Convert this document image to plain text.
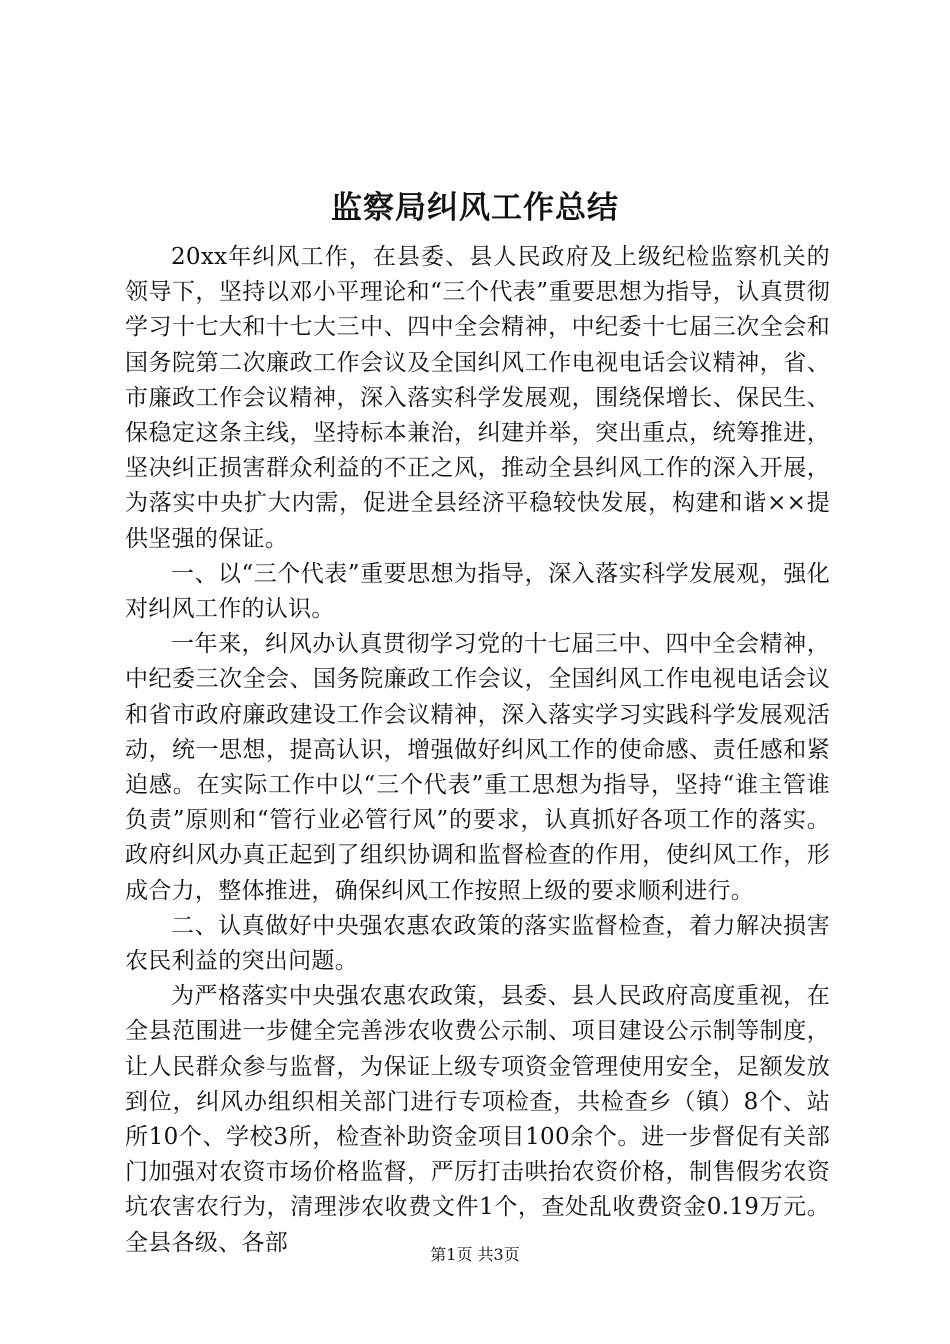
监察局纠风工作总结

20xx年纠风工作，在县委、县人民政府及上级纪检监察机关的领导下，坚持以邓小平理论和“三个代表”重要思想为指导，认真贯彻学习十七大和十七大三中、四中全会精神，中纪委十七届三次全会和国务院第二次廉政工作会议及全国纠风工作电视电话会议精神，省、市廉政工作会议精神，深入落实科学发展观，围绕保增长、保民生、保稳定这条主线，坚持标本兼治，纠建并举，突出重点，统筹推进，坚决纠正损害群众利益的不正之风，推动全县纠风工作的深入开展，为落实中央扩大内需，促进全县经济平稳较快发展，构建和谐××提供坚强的保证。

一、以“三个代表”重要思想为指导，深入落实科学发展观，强化对纠风工作的认识。

一年来，纠风办认真贯彻学习党的十七届三中、四中全会精神，中纪委三次全会、国务院廉政工作会议，全国纠风工作电视电话会议和省市政府廉政建设工作会议精神，深入落实学习实践科学发展观活动，统一思想，提高认识，增强做好纠风工作的使命感、责任感和紧迫感。在实际工作中以“三个代表”重工思想为指导，坚持“谁主管谁负责”原则和“管行业必管行风”的要求，认真抓好各项工作的落实。政府纠风办真正起到了组织协调和监督检查的作用，使纠风工作，形成合力，整体推进，确保纠风工作按照上级的要求顺利进行。

二、认真做好中央强农惠农政策的落实监督检查，着力解决损害农民利益的突出问题。

为严格落实中央强农惠农政策，县委、县人民政府高度重视，在全县范围进一步健全完善涉农收费公示制、项目建设公示制等制度，让人民群众参与监督，为保证上级专项资金管理使用安全，足额发放到位，纠风办组织相关部门进行专项检查，共检查乡（镇）8个、站所10个、学校3所，检查补助资金项目100余个。进一步督促有关部门加强对农资市场价格监督，严厉打击哄抬农资价格，制售假劣农资坑农害农行为，清理涉农收费文件1个，查处乱收费资金0.19万元。全县各级、各部	第1页 共3页
